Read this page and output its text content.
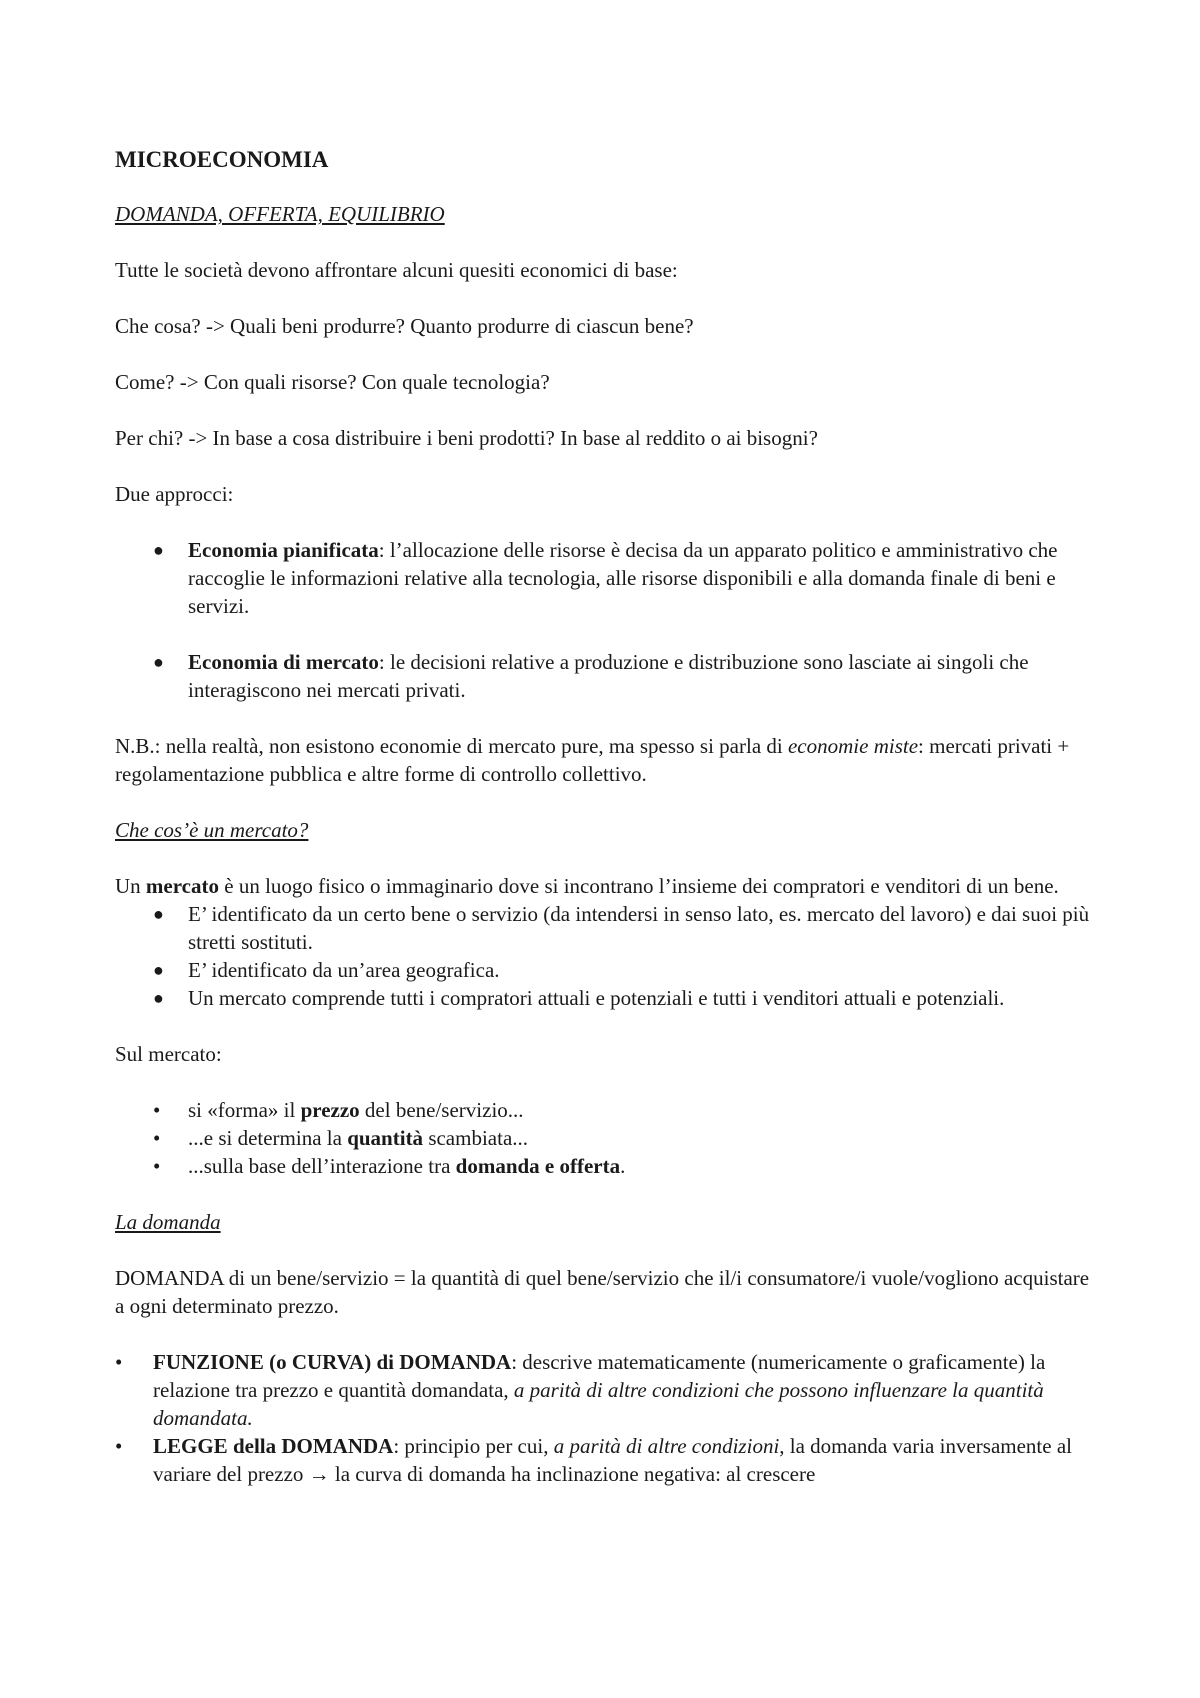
MICROECONOMIA
DOMANDA, OFFERTA, EQUILIBRIO

Tutte le società devono affrontare alcuni quesiti economici di base:

Che cosa? -> Quali beni produrre? Quanto produrre di ciascun bene?

Come? -> Con quali risorse? Con quale tecnologia?

Per chi? -> In base a cosa distribuire i beni prodotti? In base al reddito o ai bisogni?

Due approcci:

●	Economia pianificata: l’allocazione delle risorse è decisa da un apparato politico e amministrativo che raccoglie le informazioni relative alla tecnologia, alle risorse disponibili e alla domanda finale di beni e servizi.
●	Economia di mercato: le decisioni relative a produzione e distribuzione sono lasciate ai singoli che interagiscono nei mercati privati.

N.B.: nella realtà, non esistono economie di mercato pure, ma spesso si parla di economie miste: mercati privati + regolamentazione pubblica e altre forme di controllo collettivo.

Che cos’è un mercato?
Un mercato è un luogo fisico o immaginario dove si incontrano l’insieme dei compratori e venditori di un bene.
●	E’ identificato da un certo bene o servizio (da intendersi in senso lato, es. mercato del lavoro) e dai suoi più stretti sostituti.
●	E’ identificato da un’area geografica.
●	Un mercato comprende tutti i compratori attuali e potenziali e tutti i venditori attuali e potenziali.

Sul mercato:

•	si «forma» il prezzo del bene/servizio...
•	...e si determina la quantità scambiata...
•	...sulla base dell’interazione tra domanda e offerta.
La domanda

DOMANDA di un bene/servizio = la quantità di quel bene/servizio che il/i consumatore/i vuole/vogliono acquistare a ogni determinato prezzo.

•	FUNZIONE (o CURVA) di DOMANDA: descrive matematicamente (numericamente o graficamente) la relazione tra prezzo e quantità domandata, a parità di altre condizioni che possono influenzare la quantità domandata.
•	LEGGE della DOMANDA: principio per cui, a parità di altre condizioni, la domanda varia inversamente al variare del prezzo → la curva di domanda ha inclinazione negativa: al crescere
